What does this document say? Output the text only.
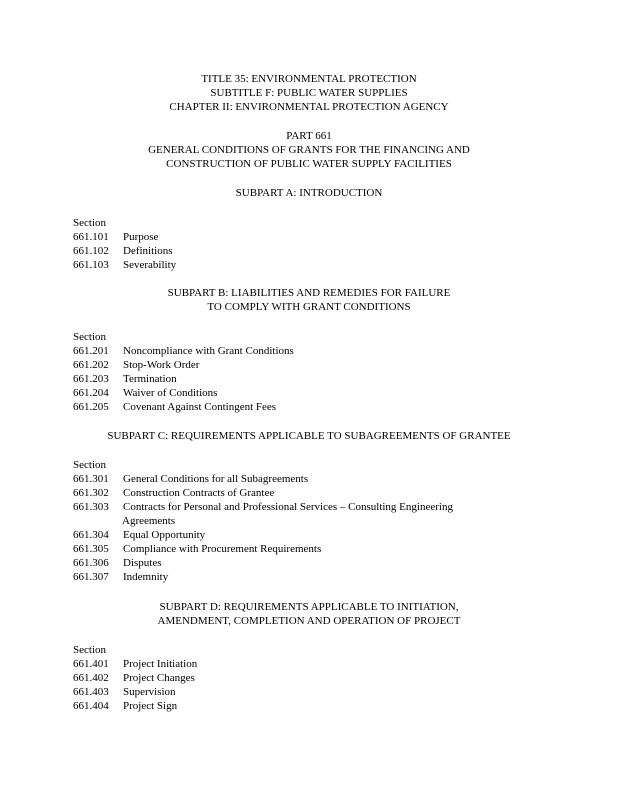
TITLE 35: ENVIRONMENTAL PROTECTION
SUBTITLE F: PUBLIC WATER SUPPLIES
CHAPTER II: ENVIRONMENTAL PROTECTION AGENCY
PART 661
GENERAL CONDITIONS OF GRANTS FOR THE FINANCING AND
CONSTRUCTION OF PUBLIC WATER SUPPLY FACILITIES
SUBPART A: INTRODUCTION
Section
661.101	Purpose
661.102	Definitions
661.103	Severability
SUBPART B: LIABILITIES AND REMEDIES FOR FAILURE
TO COMPLY WITH GRANT CONDITIONS
Section
661.201	Noncompliance with Grant Conditions
661.202	Stop-Work Order
661.203	Termination
661.204	Waiver of Conditions
661.205	Covenant Against Contingent Fees
SUBPART C: REQUIREMENTS APPLICABLE TO SUBAGREEMENTS OF GRANTEE
Section
661.301	General Conditions for all Subagreements
661.302	Construction Contracts of Grantee
661.303	Contracts for Personal and Professional Services – Consulting Engineering
Agreements
661.304	Equal Opportunity
661.305	Compliance with Procurement Requirements
661.306	Disputes
661.307	Indemnity
SUBPART D: REQUIREMENTS APPLICABLE TO INITIATION,
AMENDMENT, COMPLETION AND OPERATION OF PROJECT
Section
661.401	Project Initiation
661.402	Project Changes
661.403	Supervision
661.404	Project Sign
